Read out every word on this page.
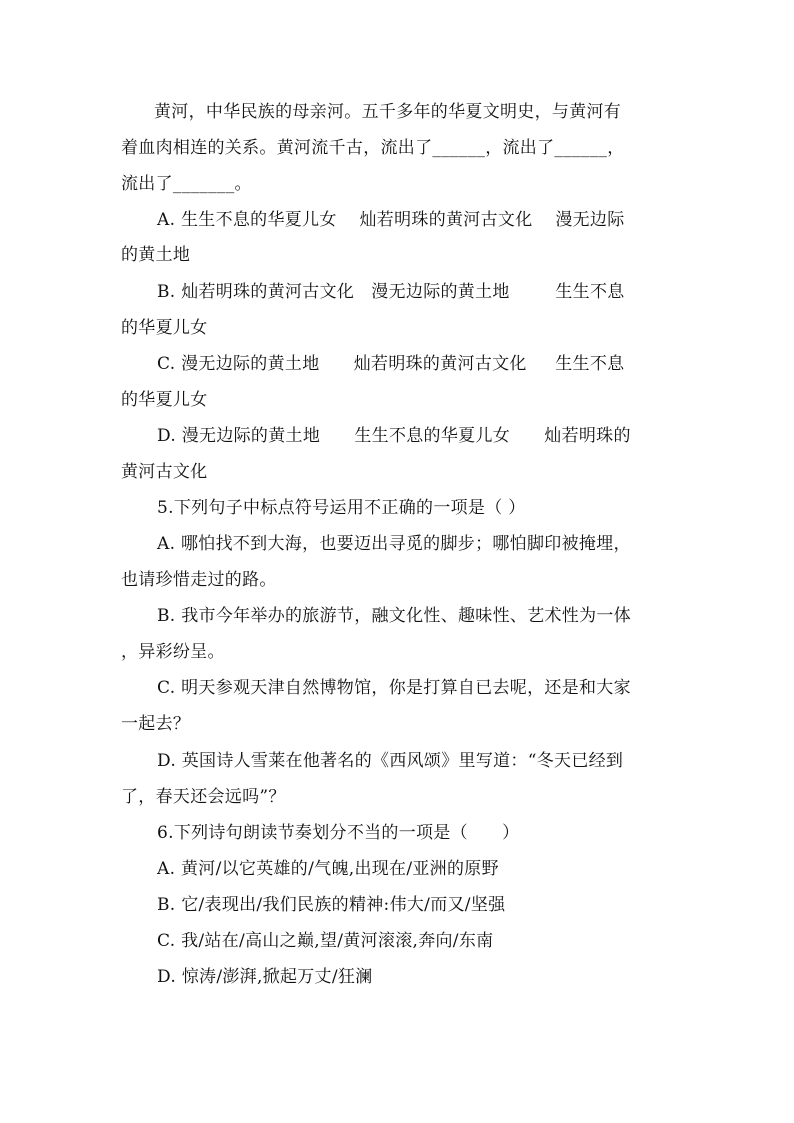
黄河，中华民族的母亲河。五千多年的华夏文明史，与黄河有
着血肉相连的关系。黄河流千古，流出了______，流出了______，
流出了_______。
A. 生生不息的华夏儿女    灿若明珠的黄河古文化    漫无边际
的黄土地
B. 灿若明珠的黄河古文化   漫无边际的黄土地        生生不息
的华夏儿女
C. 漫无边际的黄土地      灿若明珠的黄河古文化     生生不息
的华夏儿女
D. 漫无边际的黄土地      生生不息的华夏儿女      灿若明珠的
黄河古文化
5.下列句子中标点符号运用不正确的一项是（ ）
A. 哪怕找不到大海，也要迈出寻觅的脚步；哪怕脚印被掩埋，
也请珍惜走过的路。
B. 我市今年举办的旅游节，融文化性、趣味性、艺术性为一体
，异彩纷呈。
C. 明天参观天津自然博物馆，你是打算自已去呢，还是和大家
一起去？
D. 英国诗人雪莱在他著名的《西风颂》里写道：“冬天已经到
了，春天还会远吗”？
6.下列诗句朗读节奏划分不当的一项是（      ）
A. 黄河/以它英雄的/气魄,出现在/亚洲的原野
B. 它/表现出/我们民族的精神:伟大/而又/坚强
C. 我/站在/高山之巅,望/黄河滚滚,奔向/东南
D. 惊涛/澎湃,掀起万丈/狂澜
